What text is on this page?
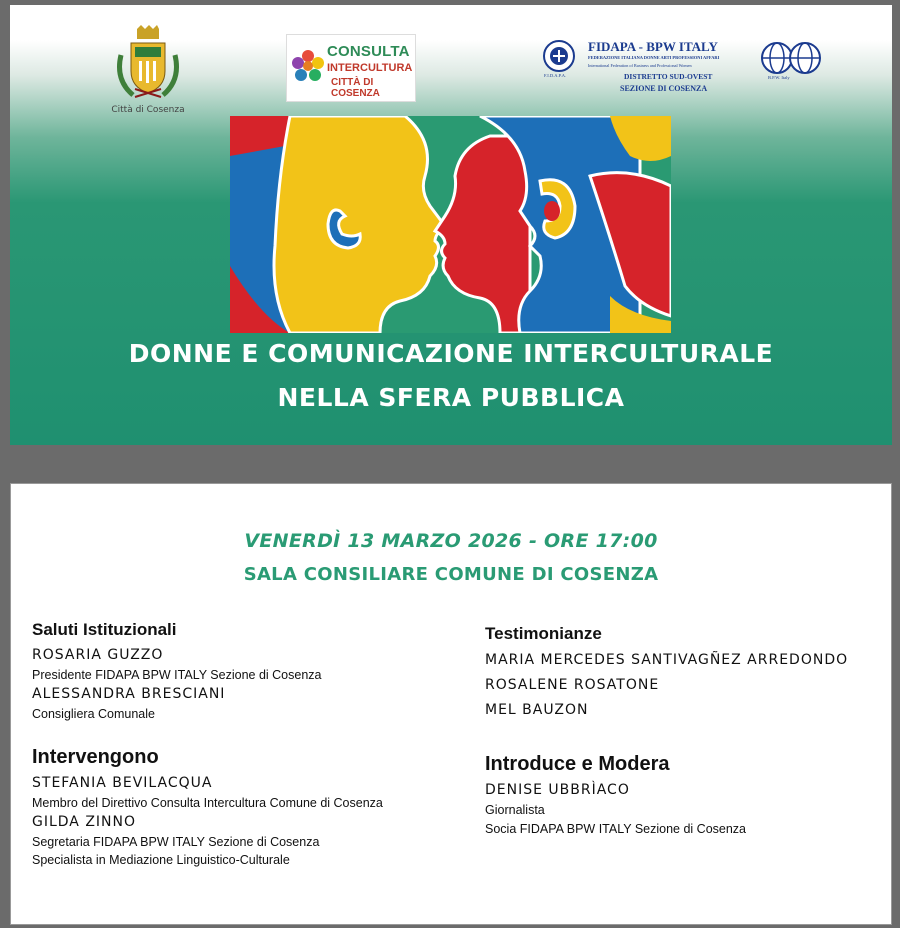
Città di Cosenza
CONSULTA
INTERCULTURA
CITTÀ DI COSENZA
F.I.D.A.P.A.
FIDAPA - BPW ITALY
FEDERAZIONE ITALIANA DONNE ARTI PROFESSIONI AFFARI
International Federation of Business and Professional Women
DISTRETTO SUD-OVEST
SEZIONE DI COSENZA
B.P.W. Italy
DONNE E COMUNICAZIONE INTERCULTURALE
NELLA SFERA PUBBLICA
VENERDÌ 13 MARZO 2026 - ORE 17:00
SALA CONSILIARE COMUNE DI COSENZA
Saluti Istituzionali
ROSARIA GUZZO
Presidente FIDAPA BPW ITALY Sezione di Cosenza
ALESSANDRA BRESCIANI
Consigliera Comunale
Intervengono
STEFANIA BEVILACQUA
Membro del Direttivo Consulta Intercultura Comune di Cosenza
GILDA ZINNO
Segretaria FIDAPA BPW ITALY Sezione di Cosenza
Specialista in Mediazione Linguistico-Culturale
Testimonianze
MARIA MERCEDES SANTIVAGÑEZ ARREDONDO
ROSALENE ROSATONE
MEL BAUZON
Introduce e Modera
DENISE UBBRÌACO
Giornalista
Socia FIDAPA BPW ITALY Sezione di Cosenza
